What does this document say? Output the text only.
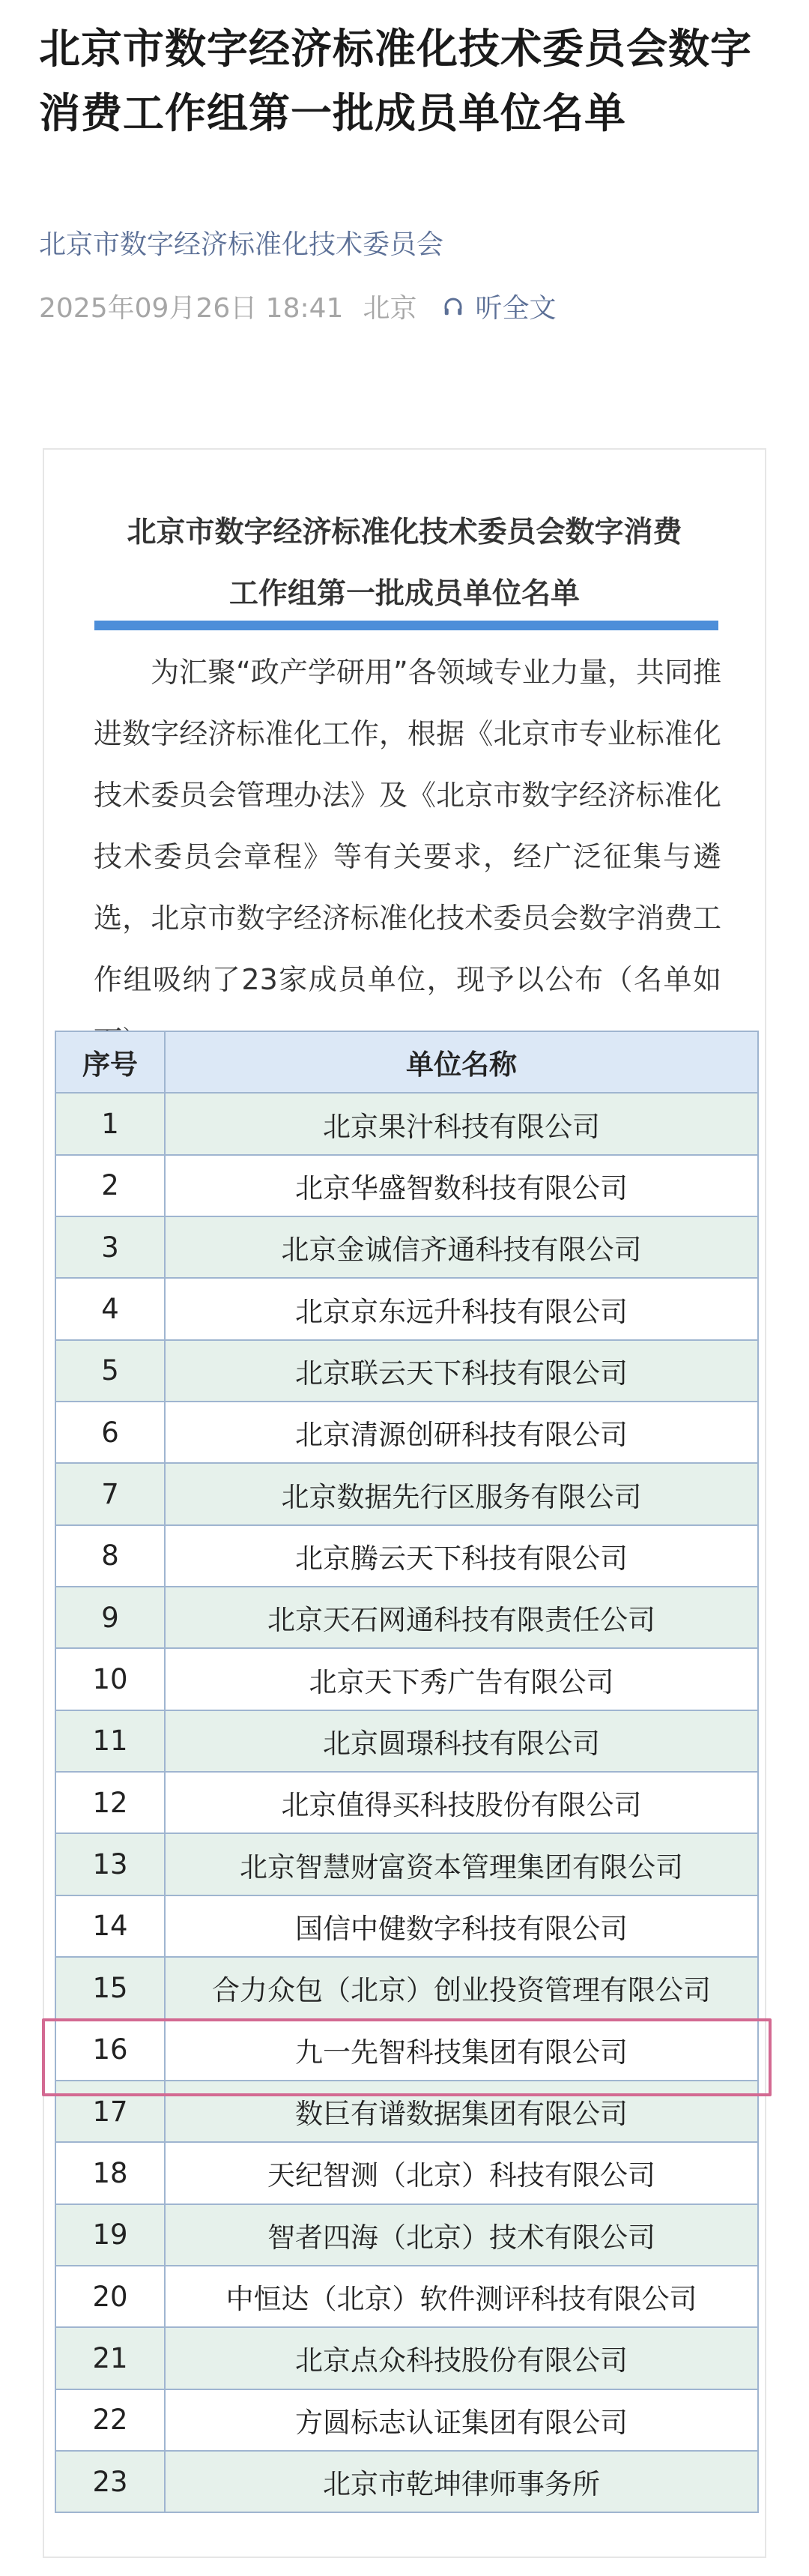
北京市数字经济标准化技术委员会数字消费工作组第一批成员单位名单
北京市数字经济标准化技术委员会
2025年09月26日 18:41 北京 听全文
北京市数字经济标准化技术委员会数字消费
工作组第一批成员单位名单

为汇聚“政产学研用”各领域专业力量，共同推进数字经济标准化工作，根据《北京市专业标准化技术委员会管理办法》及《北京市数字经济标准化技术委员会章程》等有关要求，经广泛征集与遴选，北京市数字经济标准化技术委员会数字消费工作组吸纳了23家成员单位，现予以公布（名单如

序号	单位名称
1	北京果汁科技有限公司
2	北京华盛智数科技有限公司
3	北京金诚信齐通科技有限公司
4	北京京东远升科技有限公司
5	北京联云天下科技有限公司
6	北京清源创研科技有限公司
7	北京数据先行区服务有限公司
8	北京腾云天下科技有限公司
9	北京天石网通科技有限责任公司
10	北京天下秀广告有限公司
11	北京圆璟科技有限公司
12	北京值得买科技股份有限公司
13	北京智慧财富资本管理集团有限公司
14	国信中健数字科技有限公司
15	合力众包（北京）创业投资管理有限公司
16	九一先智科技集团有限公司
17	数巨有谱数据集团有限公司
18	天纪智测（北京）科技有限公司
19	智者四海（北京）技术有限公司
20	中恒达（北京）软件测评科技有限公司
21	北京点众科技股份有限公司
22	方圆标志认证集团有限公司
23	北京市乾坤律师事务所
